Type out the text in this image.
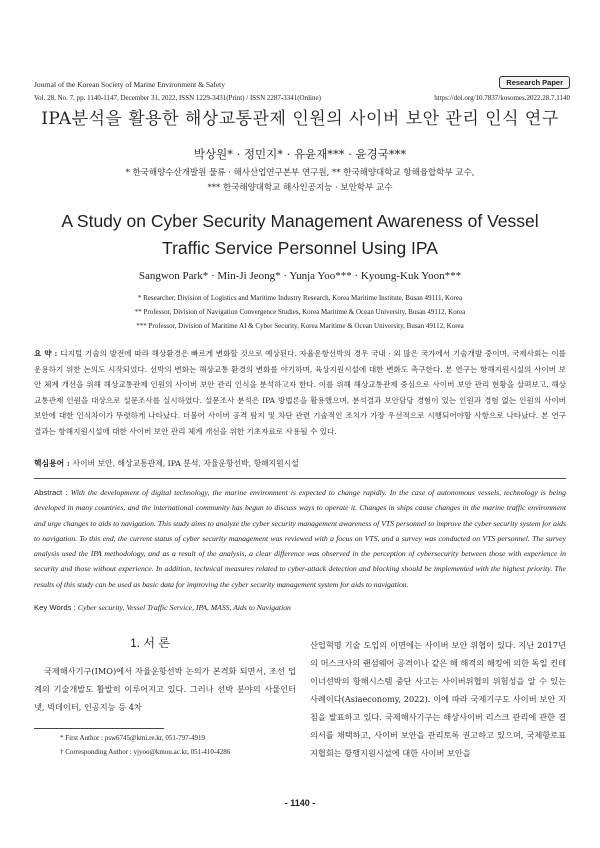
Journal of the Korean Society of Marine Environment & Safety	Research Paper
Vol. 28, No. 7, pp. 1140-1147, December 31, 2022, ISSN 1229-3431(Print) / ISSN 2287-3341(Online)	https://doi.org/10.7837/kosomes.2022.28.7.1140
IPA분석을 활용한 해상교통관제 인원의 사이버 보안 관리 인식 연구
박상원* · 정민지* · 유윤재*** · 윤경국***
* 한국해양수산개발원 물류 · 해사산업연구본부 연구원, ** 한국해양대학교 항해융합학부 교수,
*** 한국해양대학교 해사인공지능 · 보안학부 교수
A Study on Cyber Security Management Awareness of Vessel Traffic Service Personnel Using IPA
Sangwon Park* · Min-Ji Jeong* · Yunja Yoo*** · Kyoung-Kuk Yoon***
* Researcher, Division of Logistics and Maritime Industry Research, Korea Maritime Institute, Busan 49111, Korea
** Professor, Division of Navigation Convergence Studies, Korea Maritime & Ocean University, Busan 49112, Korea
*** Professor, Division of Maritime AI & Cyber Security, Korea Maritime & Ocean University, Busan 49112, Korea
요 약 : 디지털 기술의 발전에 따라 해상환경은 빠르게 변화할 것으로 예상된다. 자율운항선박의 경우 국내 · 외 많은 국가에서 기술개발 중이며, 국제사회는 이를 운용하기 위한 논의도 시작되었다. 선박의 변화는 해상교통 환경의 변화를 야기하며, 육상지원시설에 대한 변화도 촉구한다. 본 연구는 항해지원시설의 사이버 보안 체계 개선을 위해 해상교통관제 인원의 사이버 보안 관리 인식을 분석하고자 한다. 이를 위해 해상교통관제 중심으로 사이버 보안 관리 현황을 살펴보고, 해상교통관제 인원을 대상으로 설문조사를 실시하였다. 설문조사 분석은 IPA 방법론을 활용했으며, 분석결과 보안담당 경험이 있는 인원과 경험 없는 인원의 사이버 보안에 대한 인식차이가 뚜렷하게 나타났다. 더불어 사이버 공격 탐지 및 차단 관련 기술적인 조치가 가장 우선적으로 시행되어야할 사항으로 나타났다. 본 연구 결과는 항해지원시설에 대한 사이버 보안 관리 체계 개선을 위한 기초자료로 사용될 수 있다.
핵심용어 : 사이버 보안, 해상교통관제, IPA 분석, 자율운항선박, 항해지원시설
Abstract : With the development of digital technology, the marine environment is expected to change rapidly. In the case of autonomous vessels, technology is being developed in many countries, and the international community has begun to discuss ways to operate it. Changes in ships cause changes in the marine traffic environment and urge changes to aids to navigation. This study aims to analyze the cyber security management awareness of VTS personnel to improve the cyber security system for aids to navigation. To this end, the current status of cyber security management was reviewed with a focus on VTS, and a survey was conducted on VTS personnel. The survey analysis used the IPA methodology, and as a result of the analysis, a clear difference was observed in the perception of cybersecurity between those with experience in security and those without experience. In addition, technical measures related to cyber-attack detection and blocking should be implemented with the highest priority. The results of this study can be used as basic data for improving the cyber security management system for aids to navigation.
Key Words : Cyber security, Vessel Traffic Service, IPA, MASS, Aids to Navigation
1. 서 론
국제해사기구(IMO)에서 자율운항선박 논의가 본격화 되면서, 조선 업계의 기술개발도 활발히 이루어지고 있다. 그러나 선박 분야의 사물인터넷, 빅데이터, 인공지능 등 4차
산업혁명 기술 도입의 이면에는 사이버 보안 위협이 있다. 지난 2017년의 머스크사의 랜섬웨어 공격이나 같은 해 해적의 해킹에 의한 독일 컨테이너선박의 항해시스템 중단 사고는 사이버위협의 위험성을 알 수 있는 사례이다(Asiaeconomy, 2022). 이에 따라 국제기구도 사이버 보안 지침을 발표하고 있다. 국제해사기구는 해상사이버 리스크 관리에 관한 결의서를 채택하고, 사이버 보안을 관리토록 권고하고 있으며, 국제항로표지협회는 항행지원시설에 대한 사이버 보안을
* First Author : psw6745@kmi.re.kr, 051-797-4919
† Corresponding Author : yjyoo@kmou.ac.kr, 051-410-4286
- 1140 -
